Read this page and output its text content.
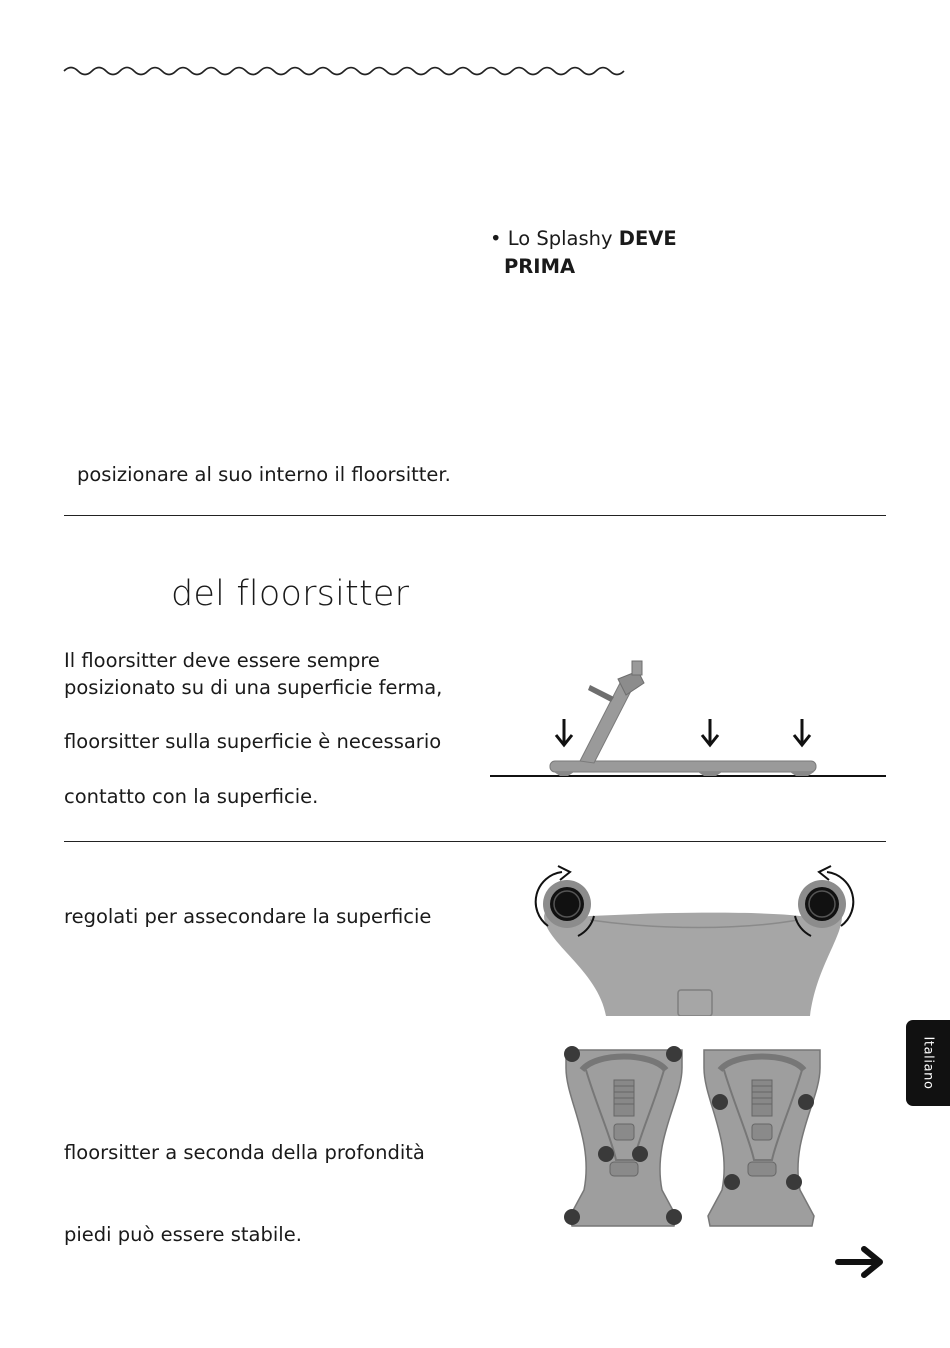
• Lo Splashy DEVE
PRIMA
posizionare al suo interno il floorsitter.
del floorsitter
Il floorsitter deve essere sempre
posizionato su di una superficie ferma,
floorsitter sulla superficie è necessario
contatto con la superficie.
regolati per assecondare la superficie
floorsitter a seconda della profondità
piedi può essere stabile.
Italiano
